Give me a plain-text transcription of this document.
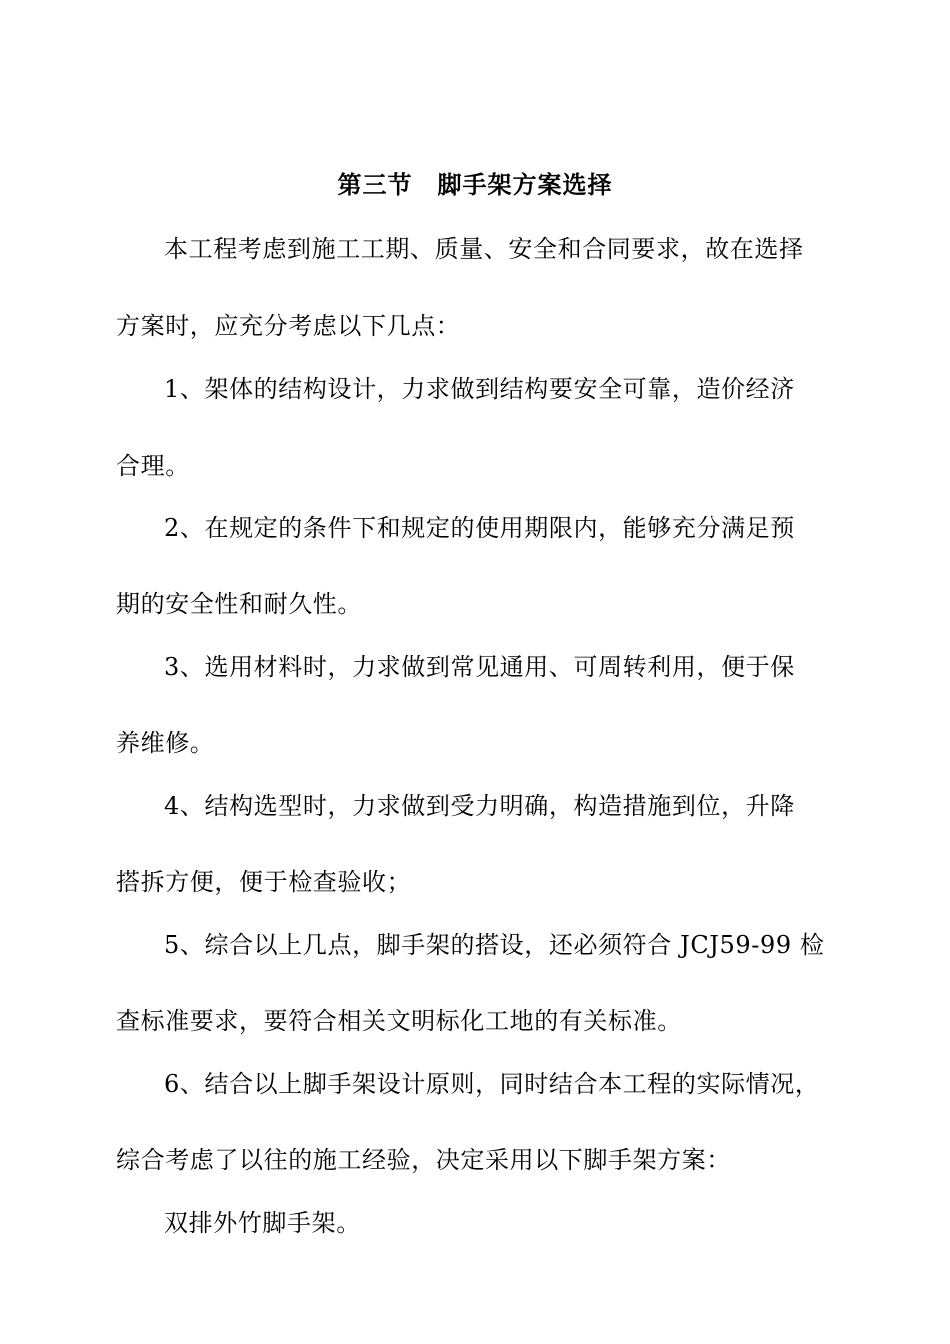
第三节　脚手架方案选择
本工程考虑到施工工期、质量、安全和合同要求，故在选择
方案时，应充分考虑以下几点：
1、架体的结构设计，力求做到结构要安全可靠，造价经济
合理。
2、在规定的条件下和规定的使用期限内，能够充分满足预
期的安全性和耐久性。
3、选用材料时，力求做到常见通用、可周转利用，便于保
养维修。
4、结构选型时，力求做到受力明确，构造措施到位，升降
搭拆方便，便于检查验收；
5、综合以上几点，脚手架的搭设，还必须符合 JCJ59-99 检
查标准要求，要符合相关文明标化工地的有关标准。
6、结合以上脚手架设计原则，同时结合本工程的实际情况，
综合考虑了以往的施工经验，决定采用以下脚手架方案：
双排外竹脚手架。
